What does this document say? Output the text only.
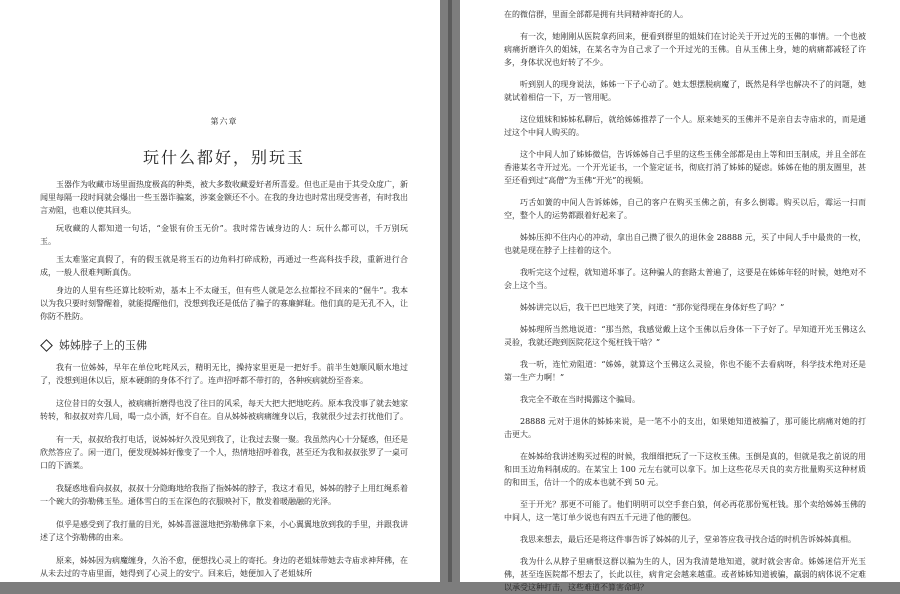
第六章
玩什么都好，别玩玉

玉器作为收藏市场里面热度极高的种类，被大多数收藏爱好者所喜爱。但也正是由于其受众度广，新闻里每隔一段时间就会爆出一些玉器诈骗案，涉案金额还不小。在我的身边也时常出现受害者，有时我出言劝阻，也难以使其回头。

玩收藏的人都知道一句话，“金银有价玉无价”。我时常告诫身边的人：玩什么都可以，千万别玩玉。

玉太难鉴定真假了，有的假玉就是将玉石的边角料打碎成粉，再通过一些高科技手段，重新进行合成，一般人很难判断真伪。

身边的人里有些还算比较听劝，基本上不太碰玉，但有些人就是怎么拉都拉不回来的“倔牛”。我本以为我只要时刻警醒着，就能提醒他们，没想到我还是低估了骗子的寡廉鲜耻。他们真的是无孔不入，让你防不胜防。

姊姊脖子上的玉佛

我有一位姊姊，早年在单位叱咤风云，精明无比，操持家里更是一把好手。前半生她顺风顺水地过了，没想到退休以后，原本硬朗的身体不行了。连声招呼都不带打的，各种疾病就纷至沓来。

这位昔日的女强人，被病痛折磨得也没了往日的风采，每天大把大把地吃药。原本我没事了就去她家转转，和叔叔对弈几局，喝一点小酒，好不自在。自从姊姊被病痛缠身以后，我就很少过去打扰他们了。

有一天，叔叔给我打电话，说姊姊好久没见到我了，让我过去聚一聚。我虽然内心十分疑惑，但还是欣然答应了。闲一道门，便发现姊姊好像变了一个人，热情地招呼着我，甚至还为我和叔叔张罗了一桌可口的下酒菜。

我疑惑地看向叔叔，叔叔十分隐晦地给我指了指姊姊的脖子，我这才看见，姊姊的脖子上用红绳系着一个碗大的弥勒佛玉坠。通体雪白的玉在深色的衣服映衬下，散发着暖融融的光泽。

似乎是感受到了我打量的目光，姊姊喜滋滋地把弥勒佛拿下来，小心翼翼地放到我的手里，并跟我讲述了这个弥勒佛的由来。

原来，姊姊因为病魔缠身，久治不愈，便想找心灵上的寄托。身边的老姐妹带她去寺庙求神拜佛，在从未去过的寺庙里面，她得到了心灵上的安宁。回来后，她便加入了老姐妹所

在的微信群，里面全部都是拥有共同精神寄托的人。

有一次，她刚刚从医院拿药回来，便看到群里的姐妹们在讨论关于开过光的玉佛的事情。一个也被病痛折磨许久的姐妹，在某名寺为自己求了一个开过光的玉佛。自从玉佛上身，她的病痛都减轻了许多，身体状况也好转了不少。

听到别人的现身说法，姊姊一下子心动了。她太想摆脱病魔了，既然是科学也解决不了的问题，她就试着相信一下，万一管用呢。

这位姐妹和姊姊私聊后，就给姊姊推荐了一个人。原来她买的玉佛并不是亲自去寺庙求的，而是通过这个中间人购买的。

这个中间人加了姊姊微信，告诉姊姊自己手里的这些玉佛全部都是由上等和田玉制成，并且全部在香港某名寺开过光。一个开光证书，一个鉴定证书，彻底打消了姊姊的疑虑。姊姊在他的朋友圈里，甚至还看到过“高僧”为玉佛“开光”的视频。

巧舌如簧的中间人告诉姊姊，自己的客户在购买玉佛之前，有多么倒霉。购买以后，霉运一扫而空，整个人的运势都跟着好起来了。

姊姊压抑不住内心的冲动，拿出自己攒了很久的退休金 28888 元，买了中间人手中最贵的一枚，也就是现在脖子上挂着的这个。

我听完这个过程，就知道坏事了。这种骗人的套路太普遍了，这要是在姊姊年轻的时候，她绝对不会上这个当。

姊姊讲完以后，我干巴巴地笑了笑，问道：“那你觉得现在身体好些了吗？”

姊姊理所当然地说道：“那当然，我感觉戴上这个玉佛以后身体一下子好了。早知道开光玉佛这么灵验，我就还跑到医院花这个冤枉钱干啥？”

我一听，连忙劝阻道：“姊姊，就算这个玉佛这么灵验，你也不能不去看病呀，科学技术绝对还是第一生产力啊！”

我完全不敢在当时揭露这个骗局。

28888 元对于退休的姊姊来说，是一笔不小的支出，如果她知道被骗了，那可能比病痛对她的打击更大。

在姊姊给我讲述购买过程的时候，我细细把玩了一下这枚玉佛。玉倒是真的，但就是我之前说的用和田玉边角料制成的。在某宝上 100 元左右就可以拿下。加上这些花尽天良的卖方批量购买这种材质的和田玉，估计一个的成本也就不到 50 元。

至于开光？那更不可能了。他们明明可以空手套白狼，何必再花那份冤枉钱。那个卖给姊姊玉佛的中间人，这一笔订单少说也有四五千元进了他的腰包。

我思来想去，最后还是将这件事告诉了姊姊的儿子，堂弟答应我寻找合适的时机告诉姊姊真相。

我为什么从脖子里痛恨这群以骗为生的人，因为我清楚地知道，就时就会害命。姊姊迷信开光玉佛，甚至连医院都不想去了，长此以往，病肯定会越来越重。或者姊姊知道被骗，羸弱的病体说不定难以承受这种打击，这些难道不算害命吗？
